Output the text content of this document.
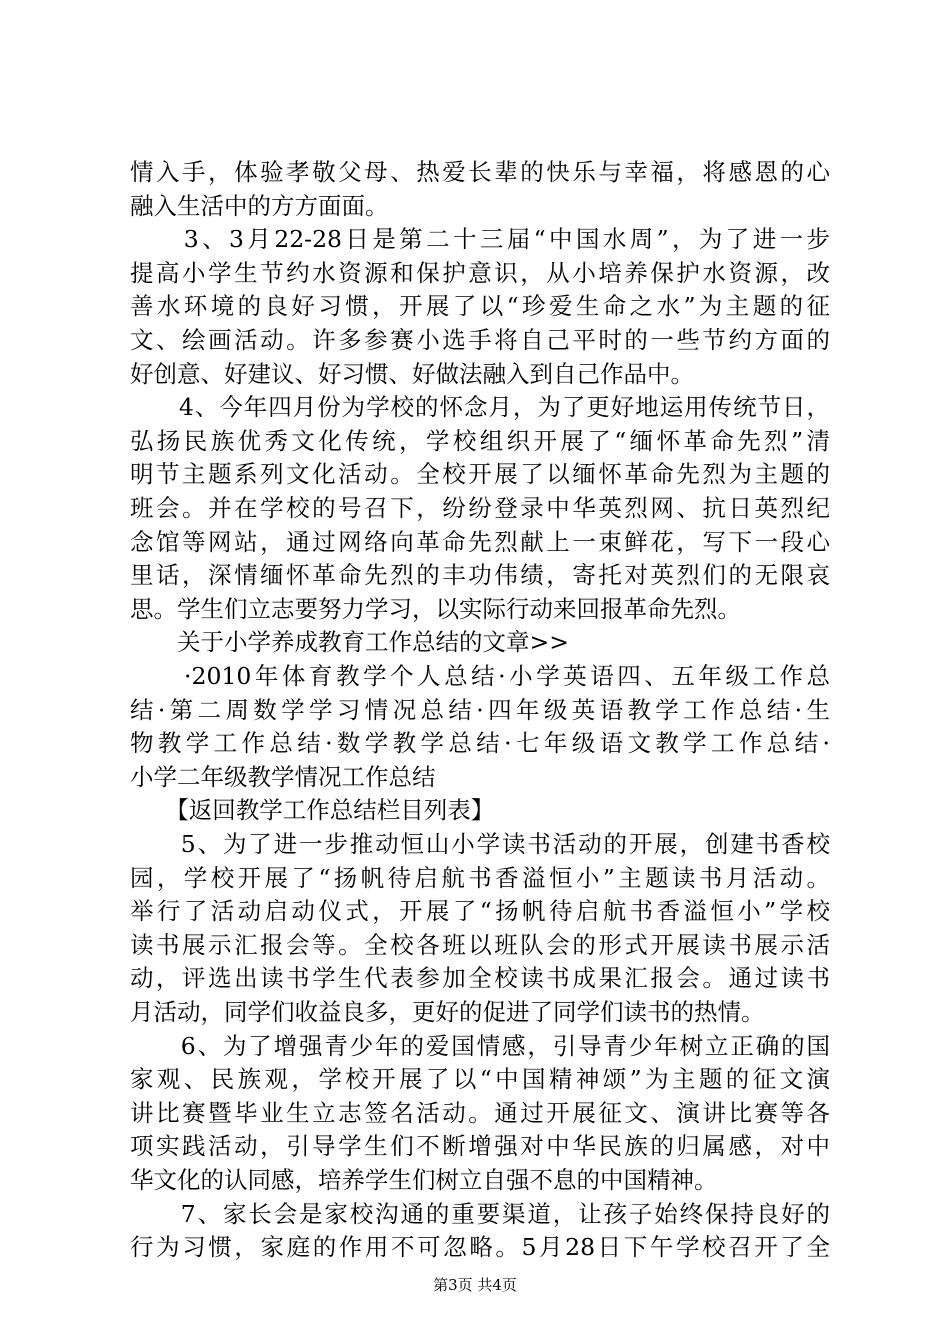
情入手，体验孝敬父母、热爱长辈的快乐与幸福，将感恩的心
融入生活中的方方面面。
　　3、3月22-28日是第二十三届“中国水周”，为了进一步
提高小学生节约水资源和保护意识，从小培养保护水资源，改
善水环境的良好习惯，开展了以“珍爱生命之水”为主题的征
文、绘画活动。许多参赛小选手将自己平时的一些节约方面的
好创意、好建议、好习惯、好做法融入到自己作品中。
　　4、今年四月份为学校的怀念月，为了更好地运用传统节日，
弘扬民族优秀文化传统，学校组织开展了“缅怀革命先烈”清
明节主题系列文化活动。全校开展了以缅怀革命先烈为主题的
班会。并在学校的号召下，纷纷登录中华英烈网、抗日英烈纪
念馆等网站，通过网络向革命先烈献上一束鲜花，写下一段心
里话，深情缅怀革命先烈的丰功伟绩，寄托对英烈们的无限哀
思。学生们立志要努力学习，以实际行动来回报革命先烈。
　　关于小学养成教育工作总结的文章>>
　　·2010年体育教学个人总结·小学英语四、五年级工作总
结·第二周数学学习情况总结·四年级英语教学工作总结·生
物教学工作总结·数学教学总结·七年级语文教学工作总结·
小学二年级教学情况工作总结
　　【返回教学工作总结栏目列表】
　　5、为了进一步推动恒山小学读书活动的开展，创建书香校
园，学校开展了“扬帆待启航书香溢恒小”主题读书月活动。
举行了活动启动仪式，开展了“扬帆待启航书香溢恒小”学校
读书展示汇报会等。全校各班以班队会的形式开展读书展示活
动，评选出读书学生代表参加全校读书成果汇报会。通过读书
月活动，同学们收益良多，更好的促进了同学们读书的热情。
　　6、为了增强青少年的爱国情感，引导青少年树立正确的国
家观、民族观，学校开展了以“中国精神颂”为主题的征文演
讲比赛暨毕业生立志签名活动。通过开展征文、演讲比赛等各
项实践活动，引导学生们不断增强对中华民族的归属感，对中
华文化的认同感，培养学生们树立自强不息的中国精神。
第3页 共4页
　　7、家长会是家校沟通的重要渠道，让孩子始终保持良好的
行为习惯，家庭的作用不可忽略。5月28日下午学校召开了全
